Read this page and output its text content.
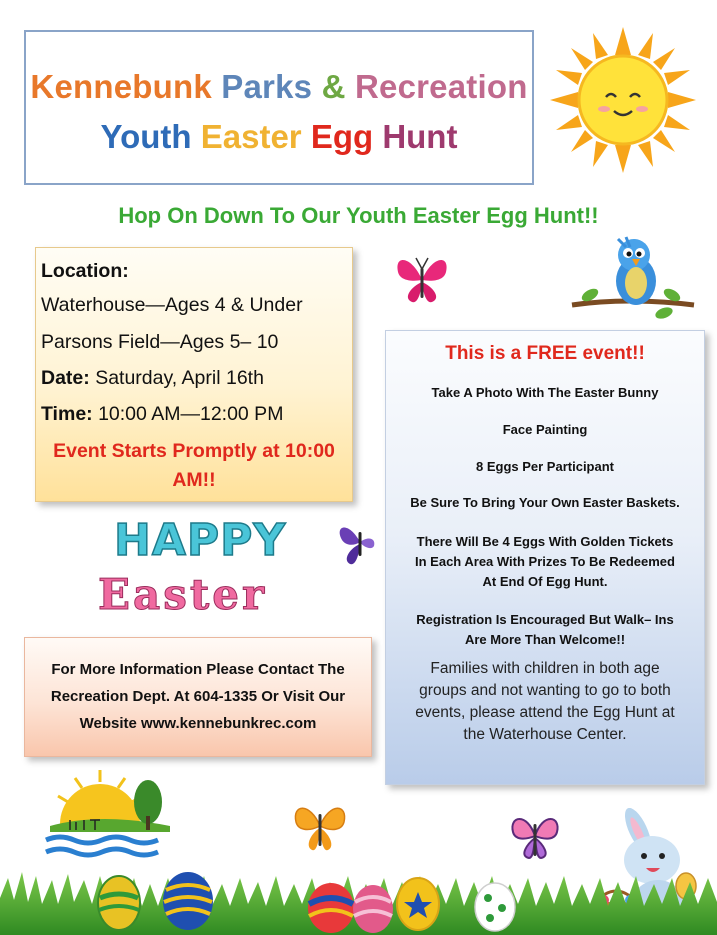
Kennebunk Parks & Recreation
Youth Easter Egg Hunt
Hop On Down To Our Youth Easter Egg Hunt!!
Location:
Waterhouse—Ages 4 & Under
Parsons Field—Ages 5– 10
Date: Saturday, April 16th
Time: 10:00 AM—12:00 PM
Event Starts Promptly at 10:00
AM!!
This is a FREE event!!
Take A Photo With The Easter Bunny
Face Painting
8 Eggs Per Participant
Be Sure To Bring Your Own Easter Baskets.
There Will Be 4 Eggs With Golden Tickets
In Each Area With Prizes To Be Redeemed
At End Of Egg Hunt.
Registration Is Encouraged But Walk– Ins
Are More Than Welcome!!
Families with children in both age
groups and not wanting to go to both
events, please attend the Egg Hunt at
the Waterhouse Center.
HAPPY
Easter
For More Information Please Contact The
Recreation Dept. At 604-1335 Or Visit Our
Website www.kennebunkrec.com
